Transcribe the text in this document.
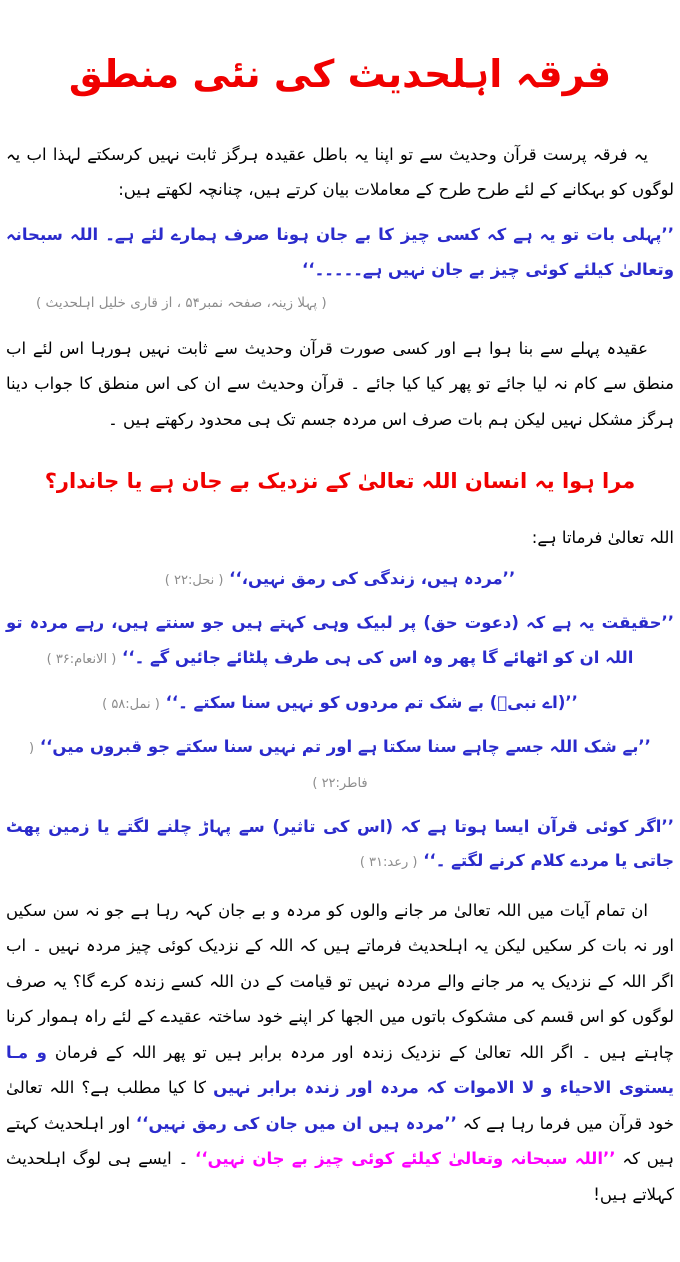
فرقہ اہلحدیث کی نئی منطق

یہ فرقہ پرست قرآن وحدیث سے تو اپنا یہ باطل عقیدہ ہرگز ثابت نہیں کرسکتے لہذا اب یہ لوگوں کو بہکانے کے لئے طرح طرح کے معاملات بیان کرتے ہیں، چنانچہ لکھتے ہیں:

’’پہلی بات تو یہ ہے کہ کسی چیز کا بے جان ہونا صرف ہمارے لئے ہے۔ اللہ سبحانہ وتعالیٰ کیلئے کوئی چیز بے جان نہیں ہے۔۔۔۔۔‘‘
( پہلا زینہ، صفحہ نمبر۵۴ ، از قاری خلیل اہلحدیث )

عقیدہ پہلے سے بنا ہوا ہے اور کسی صورت قرآن وحدیث سے ثابت نہیں ہورہا اس لئے اب منطق سے کام نہ لیا جائے تو پھر کیا کیا جائے ۔ قرآن وحدیث سے ان کی اس منطق کا جواب دینا ہرگز مشکل نہیں لیکن ہم بات صرف اس مردہ جسم تک ہی محدود رکھتے ہیں ۔

مرا ہوا یہ انسان اللہ تعالیٰ کے نزدیک بے جان ہے یا جاندار؟
اللہ تعالیٰ فرماتا ہے:
’’مردہ ہیں، زندگی کی رمق نہیں،‘‘ ( نحل:۲۲ )
’’حقیقت یہ ہے کہ (دعوت حق) پر لبیک وہی کہتے ہیں جو سنتے ہیں، رہے مردہ تو اللہ ان کو اٹھائے گا پھر وہ اس کی ہی طرف پلٹائے جائیں گے ۔‘‘ ( الانعام:۳۶ )
’’(اے نبیؐ) بے شک تم مردوں کو نہیں سنا سکتے ۔‘‘ ( نمل:۵۸ )
’’بے شک اللہ جسے چاہے سنا سکتا ہے اور تم نہیں سنا سکتے جو قبروں میں‘‘ ( فاطر:۲۲ )
’’اگر کوئی قرآن ایسا ہوتا ہے کہ (اس کی تاثیر) سے پہاڑ چلنے لگتے یا زمین پھٹ جاتی یا مردے کلام کرنے لگتے ۔‘‘ ( رعد:۳۱ )

ان تمام آیات میں اللہ تعالیٰ مر جانے والوں کو مردہ و بے جان کہہ رہا ہے جو نہ سن سکیں اور نہ بات کر سکیں لیکن یہ اہلحدیث فرماتے ہیں کہ اللہ کے نزدیک کوئی چیز مردہ نہیں ۔ اب اگر اللہ کے نزدیک یہ مر جانے والے مردہ نہیں تو قیامت کے دن اللہ کسے زندہ کرے گا؟ یہ صرف لوگوں کو اس قسم کی مشکوک باتوں میں الجھا کر اپنے خود ساختہ عقیدے کے لئے راہ ہموار کرنا چاہتے ہیں ۔ اگر اللہ تعالیٰ کے نزدیک زندہ اور مردہ برابر ہیں تو پھر اللہ کے فرمان و مـا یستوی الاحیاء و لا الاموات کہ مردہ اور زندہ برابر نہیں کا کیا مطلب ہے؟ اللہ تعالیٰ خود قرآن میں فرما رہا ہے کہ ’’مردہ ہیں ان میں جان کی رمق نہیں‘‘ اور اہلحدیث کہتے ہیں کہ ’’اللہ سبحانہ وتعالیٰ کیلئے کوئی چیز بے جان نہیں‘‘ ۔ ایسے ہی لوگ اہلحدیث کہلاتے ہیں!
